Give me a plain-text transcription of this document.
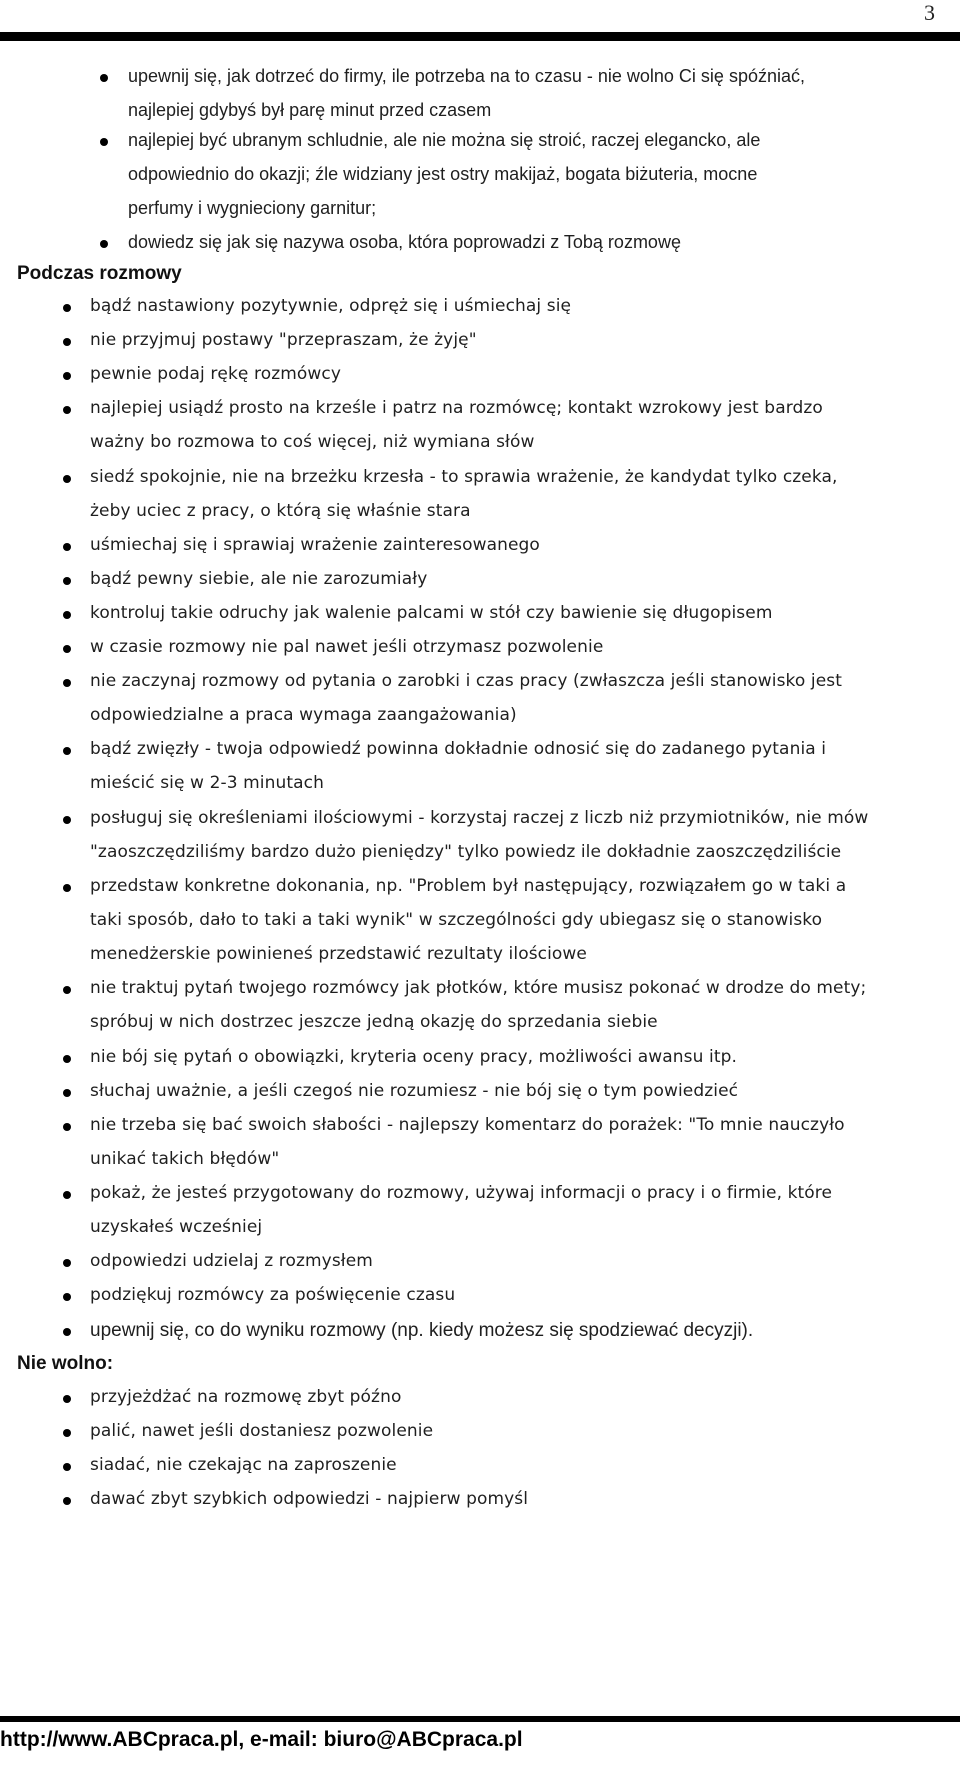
3
Podczas rozmowy
Nie wolno:
upewnij się, jak dotrzeć do firmy, ile potrzeba na to czasu - nie wolno Ci się spóźniać,
najlepiej gdybyś był parę minut przed czasem
najlepiej być ubranym schludnie, ale nie można się stroić, raczej elegancko, ale
odpowiednio do okazji; źle widziany jest ostry makijaż, bogata biżuteria, mocne
perfumy i wygnieciony garnitur;
dowiedz się jak się nazywa osoba, która poprowadzi z Tobą rozmowę
bądź nastawiony pozytywnie, odpręż się i uśmiechaj się
nie przyjmuj postawy "przepraszam, że żyję"
pewnie podaj rękę rozmówcy
najlepiej usiądź prosto na krześle i patrz na rozmówcę; kontakt wzrokowy jest bardzo
ważny bo rozmowa to coś więcej, niż wymiana słów
siedź spokojnie, nie na brzeżku krzesła - to sprawia wrażenie, że kandydat tylko czeka,
żeby uciec z pracy, o którą się właśnie stara
uśmiechaj się i sprawiaj wrażenie zainteresowanego
bądź pewny siebie, ale nie zarozumiały
kontroluj takie odruchy jak walenie palcami w stół czy bawienie się długopisem
w czasie rozmowy nie pal nawet jeśli otrzymasz pozwolenie
nie zaczynaj rozmowy od pytania o zarobki i czas pracy (zwłaszcza jeśli stanowisko jest
odpowiedzialne a praca wymaga zaangażowania)
bądź zwięzły - twoja odpowiedź powinna dokładnie odnosić się do zadanego pytania i
mieścić się w 2-3 minutach
posługuj się określeniami ilościowymi - korzystaj raczej z liczb niż przymiotników, nie mów
"zaoszczędziliśmy bardzo dużo pieniędzy" tylko powiedz ile dokładnie zaoszczędziliście
przedstaw konkretne dokonania, np. "Problem był następujący, rozwiązałem go w taki a
taki sposób, dało to taki a taki wynik" w szczególności gdy ubiegasz się o stanowisko
menedżerskie powinieneś przedstawić rezultaty ilościowe
nie traktuj pytań twojego rozmówcy jak płotków, które musisz pokonać w drodze do mety;
spróbuj w nich dostrzec jeszcze jedną okazję do sprzedania siebie
nie bój się pytań o obowiązki, kryteria oceny pracy, możliwości awansu itp.
słuchaj uważnie, a jeśli czegoś nie rozumiesz - nie bój się o tym powiedzieć
nie trzeba się bać swoich słabości - najlepszy komentarz do porażek: "To mnie nauczyło
unikać takich błędów"
pokaż, że jesteś przygotowany do rozmowy, używaj informacji o pracy i o firmie, które
uzyskałeś wcześniej
odpowiedzi udzielaj z rozmysłem
podziękuj rozmówcy za poświęcenie czasu
upewnij się, co do wyniku rozmowy (np. kiedy możesz się spodziewać decyzji).
przyjeżdżać na rozmowę zbyt późno
palić, nawet jeśli dostaniesz pozwolenie
siadać, nie czekając na zaproszenie
dawać zbyt szybkich odpowiedzi - najpierw pomyśl
http://www.ABCpraca.pl, e-mail: biuro@ABCpraca.pl
